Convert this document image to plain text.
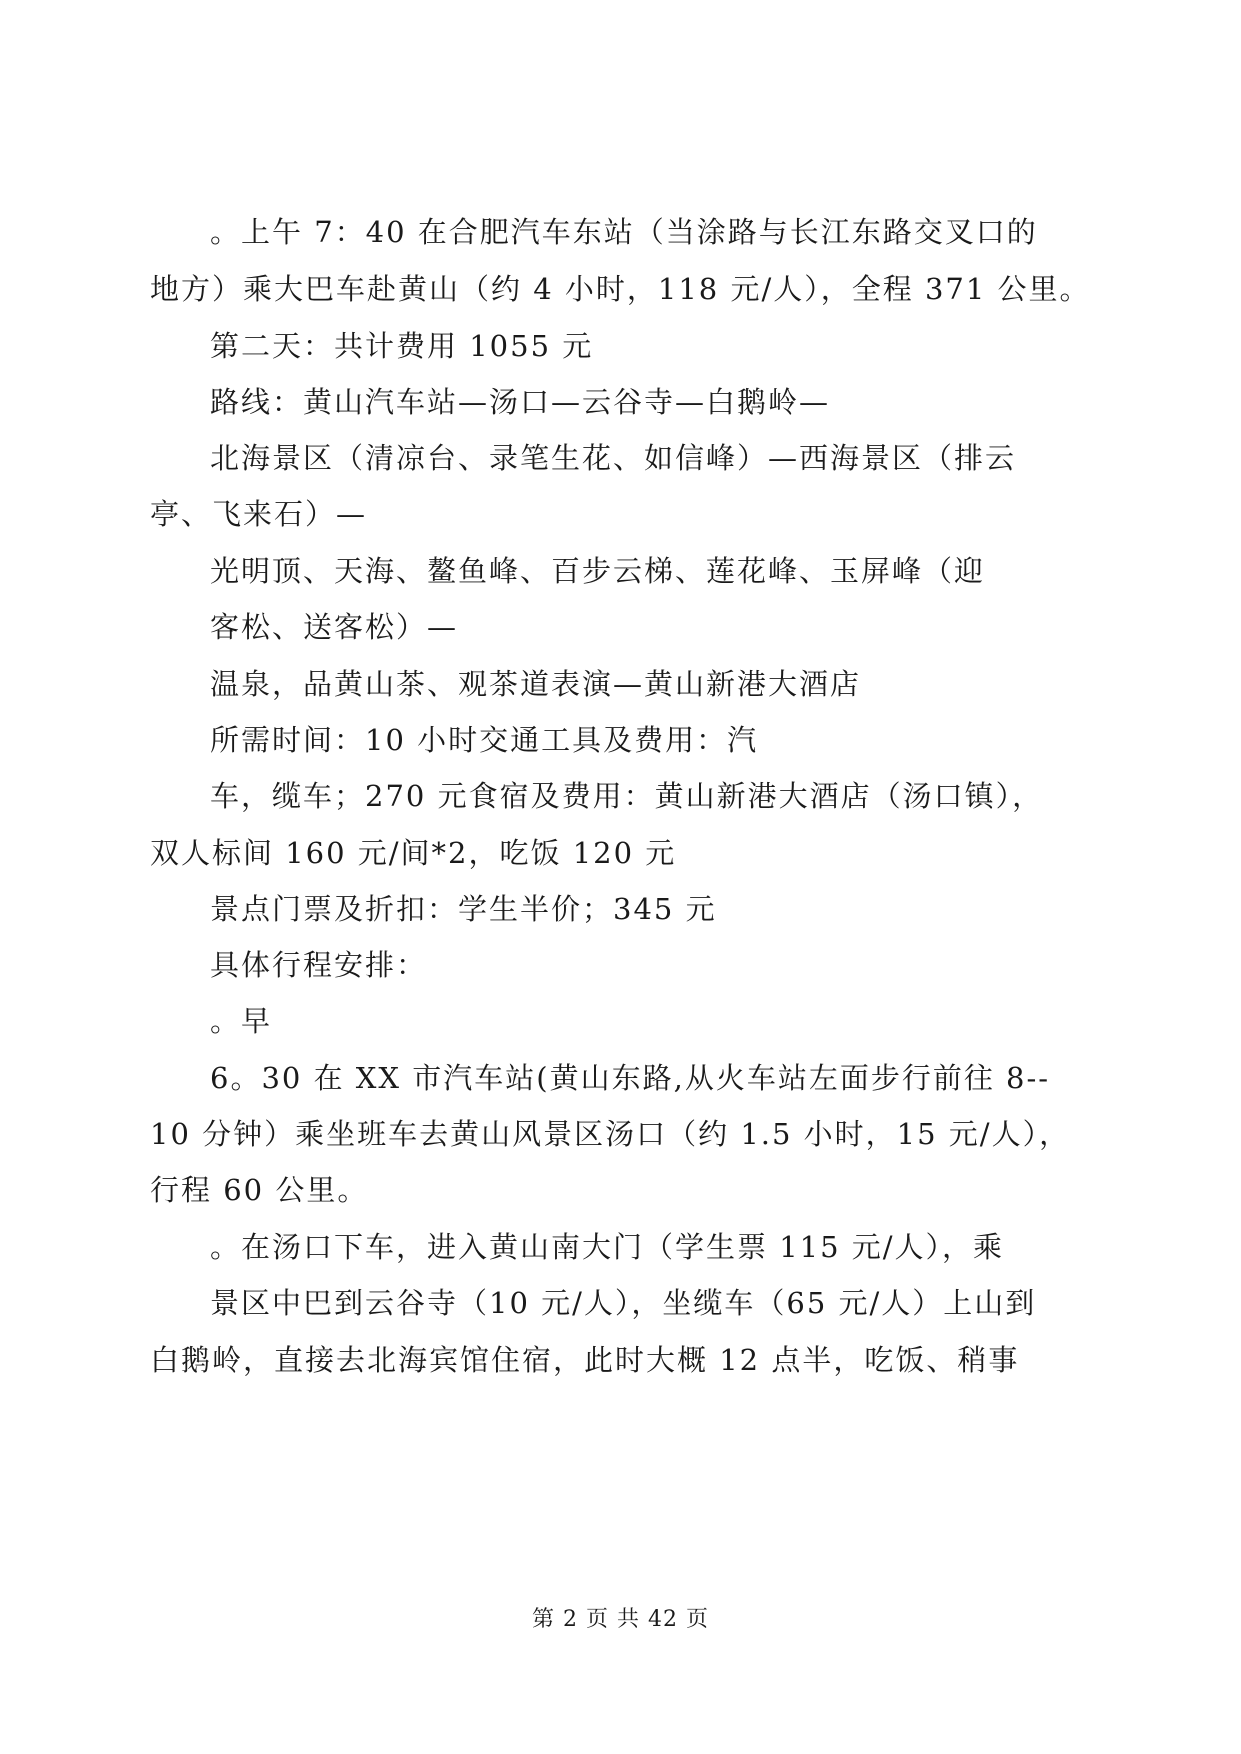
。上午 7：40 在合肥汽车东站（当涂路与长江东路交叉口的
地方）乘大巴车赴黄山（约 4 小时，118 元/人），全程 371 公里。
第二天：共计费用 1055 元
路线：黄山汽车站—汤口—云谷寺—白鹅岭—
北海景区（清凉台、录笔生花、如信峰）—西海景区（排云
亭、飞来石）—
光明顶、天海、鳌鱼峰、百步云梯、莲花峰、玉屏峰（迎
客松、送客松）—
温泉，品黄山茶、观茶道表演—黄山新港大酒店
所需时间：10 小时交通工具及费用：汽
车，缆车；270 元食宿及费用：黄山新港大酒店（汤口镇），
双人标间 160 元/间*2，吃饭 120 元
景点门票及折扣：学生半价；345 元
具体行程安排：
。早
6。30 在 XX 市汽车站(黄山东路,从火车站左面步行前往 8--
10 分钟）乘坐班车去黄山风景区汤口（约 1.5 小时，15 元/人），
行程 60 公里。
。在汤口下车，进入黄山南大门（学生票 115 元/人），乘
景区中巴到云谷寺（10 元/人），坐缆车（65 元/人）上山到
白鹅岭，直接去北海宾馆住宿，此时大概 12 点半，吃饭、稍事
第 2 页 共 42 页
